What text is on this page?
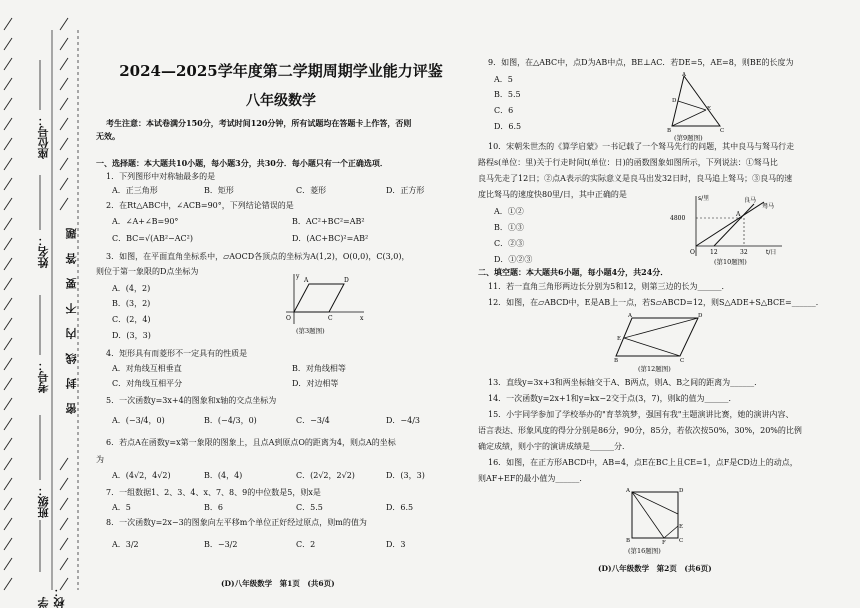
座位号：
姓名：
考号：
班级：
学校：
题
答
要
不
内
线
封
密
2024—2025学年度第二学期周期学业能力评鉴
八年级数学
考生注意：本试卷满分150分，考试时间120分钟，所有试题均在答题卡上作答，否则
无效。
一、选择题：本大题共10小题，每小题3分，共30分．每小题只有一个正确选项．
1．下列图形中对称轴最多的是
A．正三角形	B．矩形	C．菱形	D．正方形
2．在Rt△ABC中，∠ACB=90°，下列结论错误的是
A．∠A+∠B=90°	B．AC²+BC²=AB²
C．BC=√(AB²−AC²)	D．(AC+BC)²=AB²
3．如图，在平面直角坐标系中，▱AOCD各顶点的坐标为A(1,2)，O(0,0)，C(3,0)，
则位于第一象限的D点坐标为
A．(4，2)
B．(3，2)
C．(2，4)
D．(3，3)
A	D
O	C	x
y
(第3题图)
4．矩形具有而菱形不一定具有的性质是
A．对角线互相垂直	B．对角线相等
C．对角线互相平分	D．对边相等
5．一次函数y=3x+4的图象和x轴的交点坐标为
A．(−3/4，0)	B．(−4/3，0)	C．−3/4	D．−4/3
6．若点A在函数y=x第一象限的图象上，且点A到原点O的距离为4，则点A的坐标
为
A．(4√2，4√2)	B．(4，4)	C．(2√2，2√2)	D．(3，3)
7．一组数据1、2、3、4、x、7、8、9的中位数是5，则x是
A．5	B．6	C．5.5	D．6.5
8．一次函数y=2x−3的图象向左平移m个单位正好经过原点，则m的值为
A．3/2	B．−3/2	C．2	D．3
(D)八年级数学　第1页　(共6页)
9．如图，在△ABC中，点D为AB中点，BE⊥AC．若DE=5，AE=8，则BE的长度为
A．5
B．5.5
C．6
D．6.5
A
D
E
B	C
(第9题图)
10．宋朝朱世杰的《算学启蒙》一书记载了一个驽马先行的问题，其中良马与驽马行走
路程s(单位：里)关于行走时间t(单位：日)的函数图象如图所示，下列说法：①驽马比
良马先走了12日；②点A表示的实际意义是良马出发32日时，良马追上驽马；③良马的速
度比驽马的速度快80里/日，其中正确的是
A．①②
B．①③
C．②③
D．①②③
4800
12	32
O
A
良马
驽马
s/里
t/日
(第10题图)
二、填空题：本大题共6小题，每小题4分，共24分．
11．若一直角三角形两边长分别为5和12，则第三边的长为______．
12．如图，在▱ABCD中，E是AB上一点，若S▱ABCD=12，则S△ADE+S△BCE=______．
A	D
E
B	C
(第12题图)
13．直线y=3x+3和两坐标轴交于A、B两点，则A、B之间的距离为______．
14．一次函数y=2x+1和y=kx−2交于点(3，7)，则k的值为______．
15．小宇同学参加了学校举办的"育莘筑梦，强国有我"主题演讲比赛，她的演讲内容、
语言表达、形象风度的得分分别是86分，90分，85分，若依次按50%，30%，20%的比例
确定成绩，则小宇的演讲成绩是______分．
16．如图，在正方形ABCD中，AB=4，点E在BC上且CE=1，点F是CD边上的动点，
则AF+EF的最小值为______．
A	D
B	C
E
F
(第16题图)
(D)八年级数学　第2页　(共6页)
